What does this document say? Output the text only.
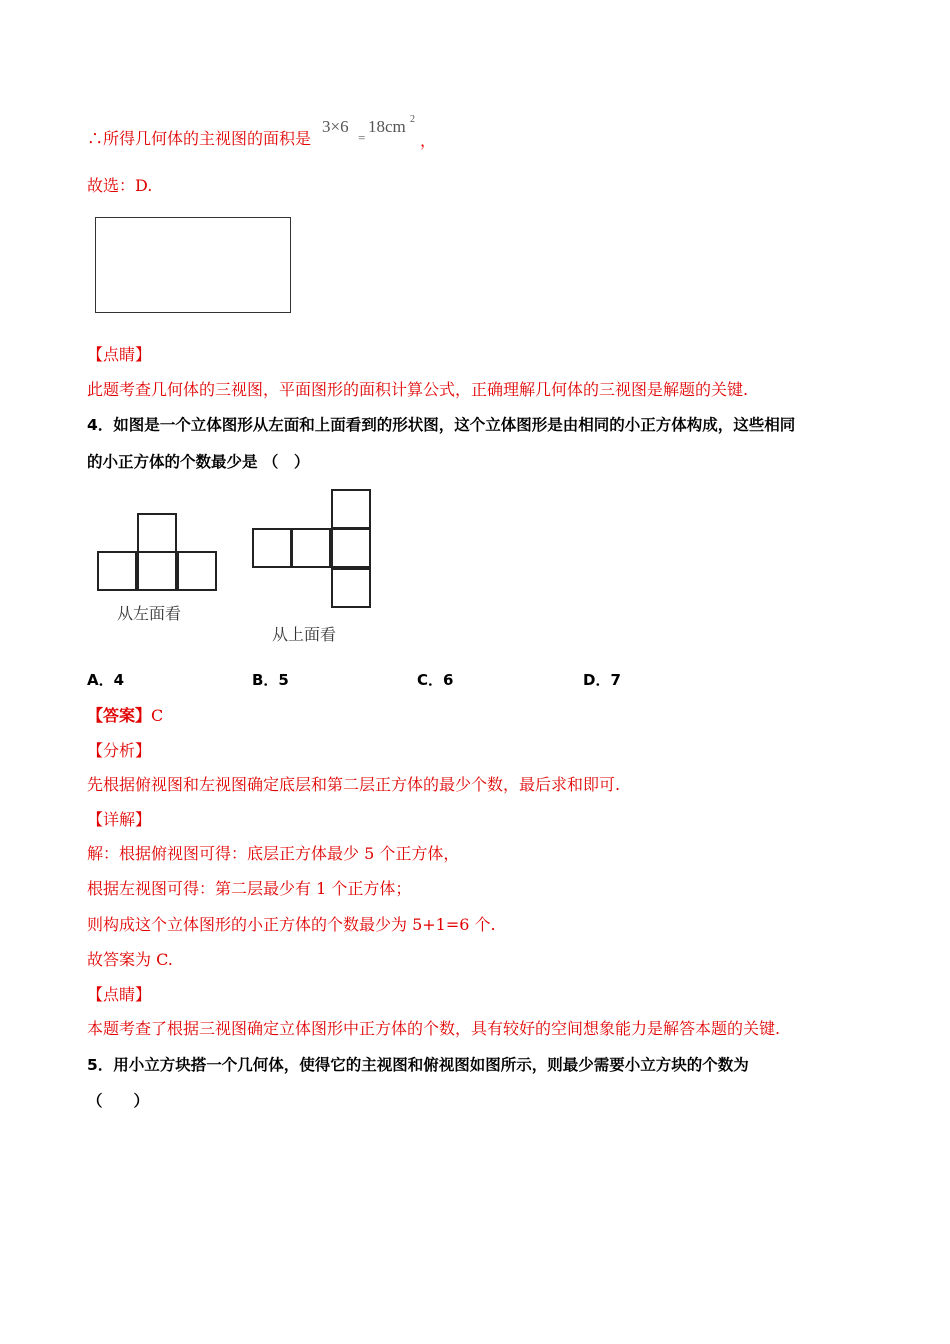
∴所得几何体的主视图的面积是
3×6
=
18cm 2
，
故选：D.
【点睛】
此题考查几何体的三视图，平面图形的面积计算公式，正确理解几何体的三视图是解题的关键.
4．如图是一个立体图形从左面和上面看到的形状图，这个立体图形是由相同的小正方体构成，这些相同
的小正方体的个数最少是 （　）
从左面看
从上面看
A．4	B．5	C．6	D．7
【答案】C
【分析】
先根据俯视图和左视图确定底层和第二层正方体的最少个数，最后求和即可.
【详解】
解：根据俯视图可得：底层正方体最少 5 个正方体，
根据左视图可得：第二层最少有 1 个正方体；
则构成这个立体图形的小正方体的个数最少为 5+1=6 个.
故答案为 C.
【点睛】
本题考查了根据三视图确定立体图形中正方体的个数，具有较好的空间想象能力是解答本题的关键.
5．用小立方块搭一个几何体，使得它的主视图和俯视图如图所示，则最少需要小立方块的个数为
（　　）
